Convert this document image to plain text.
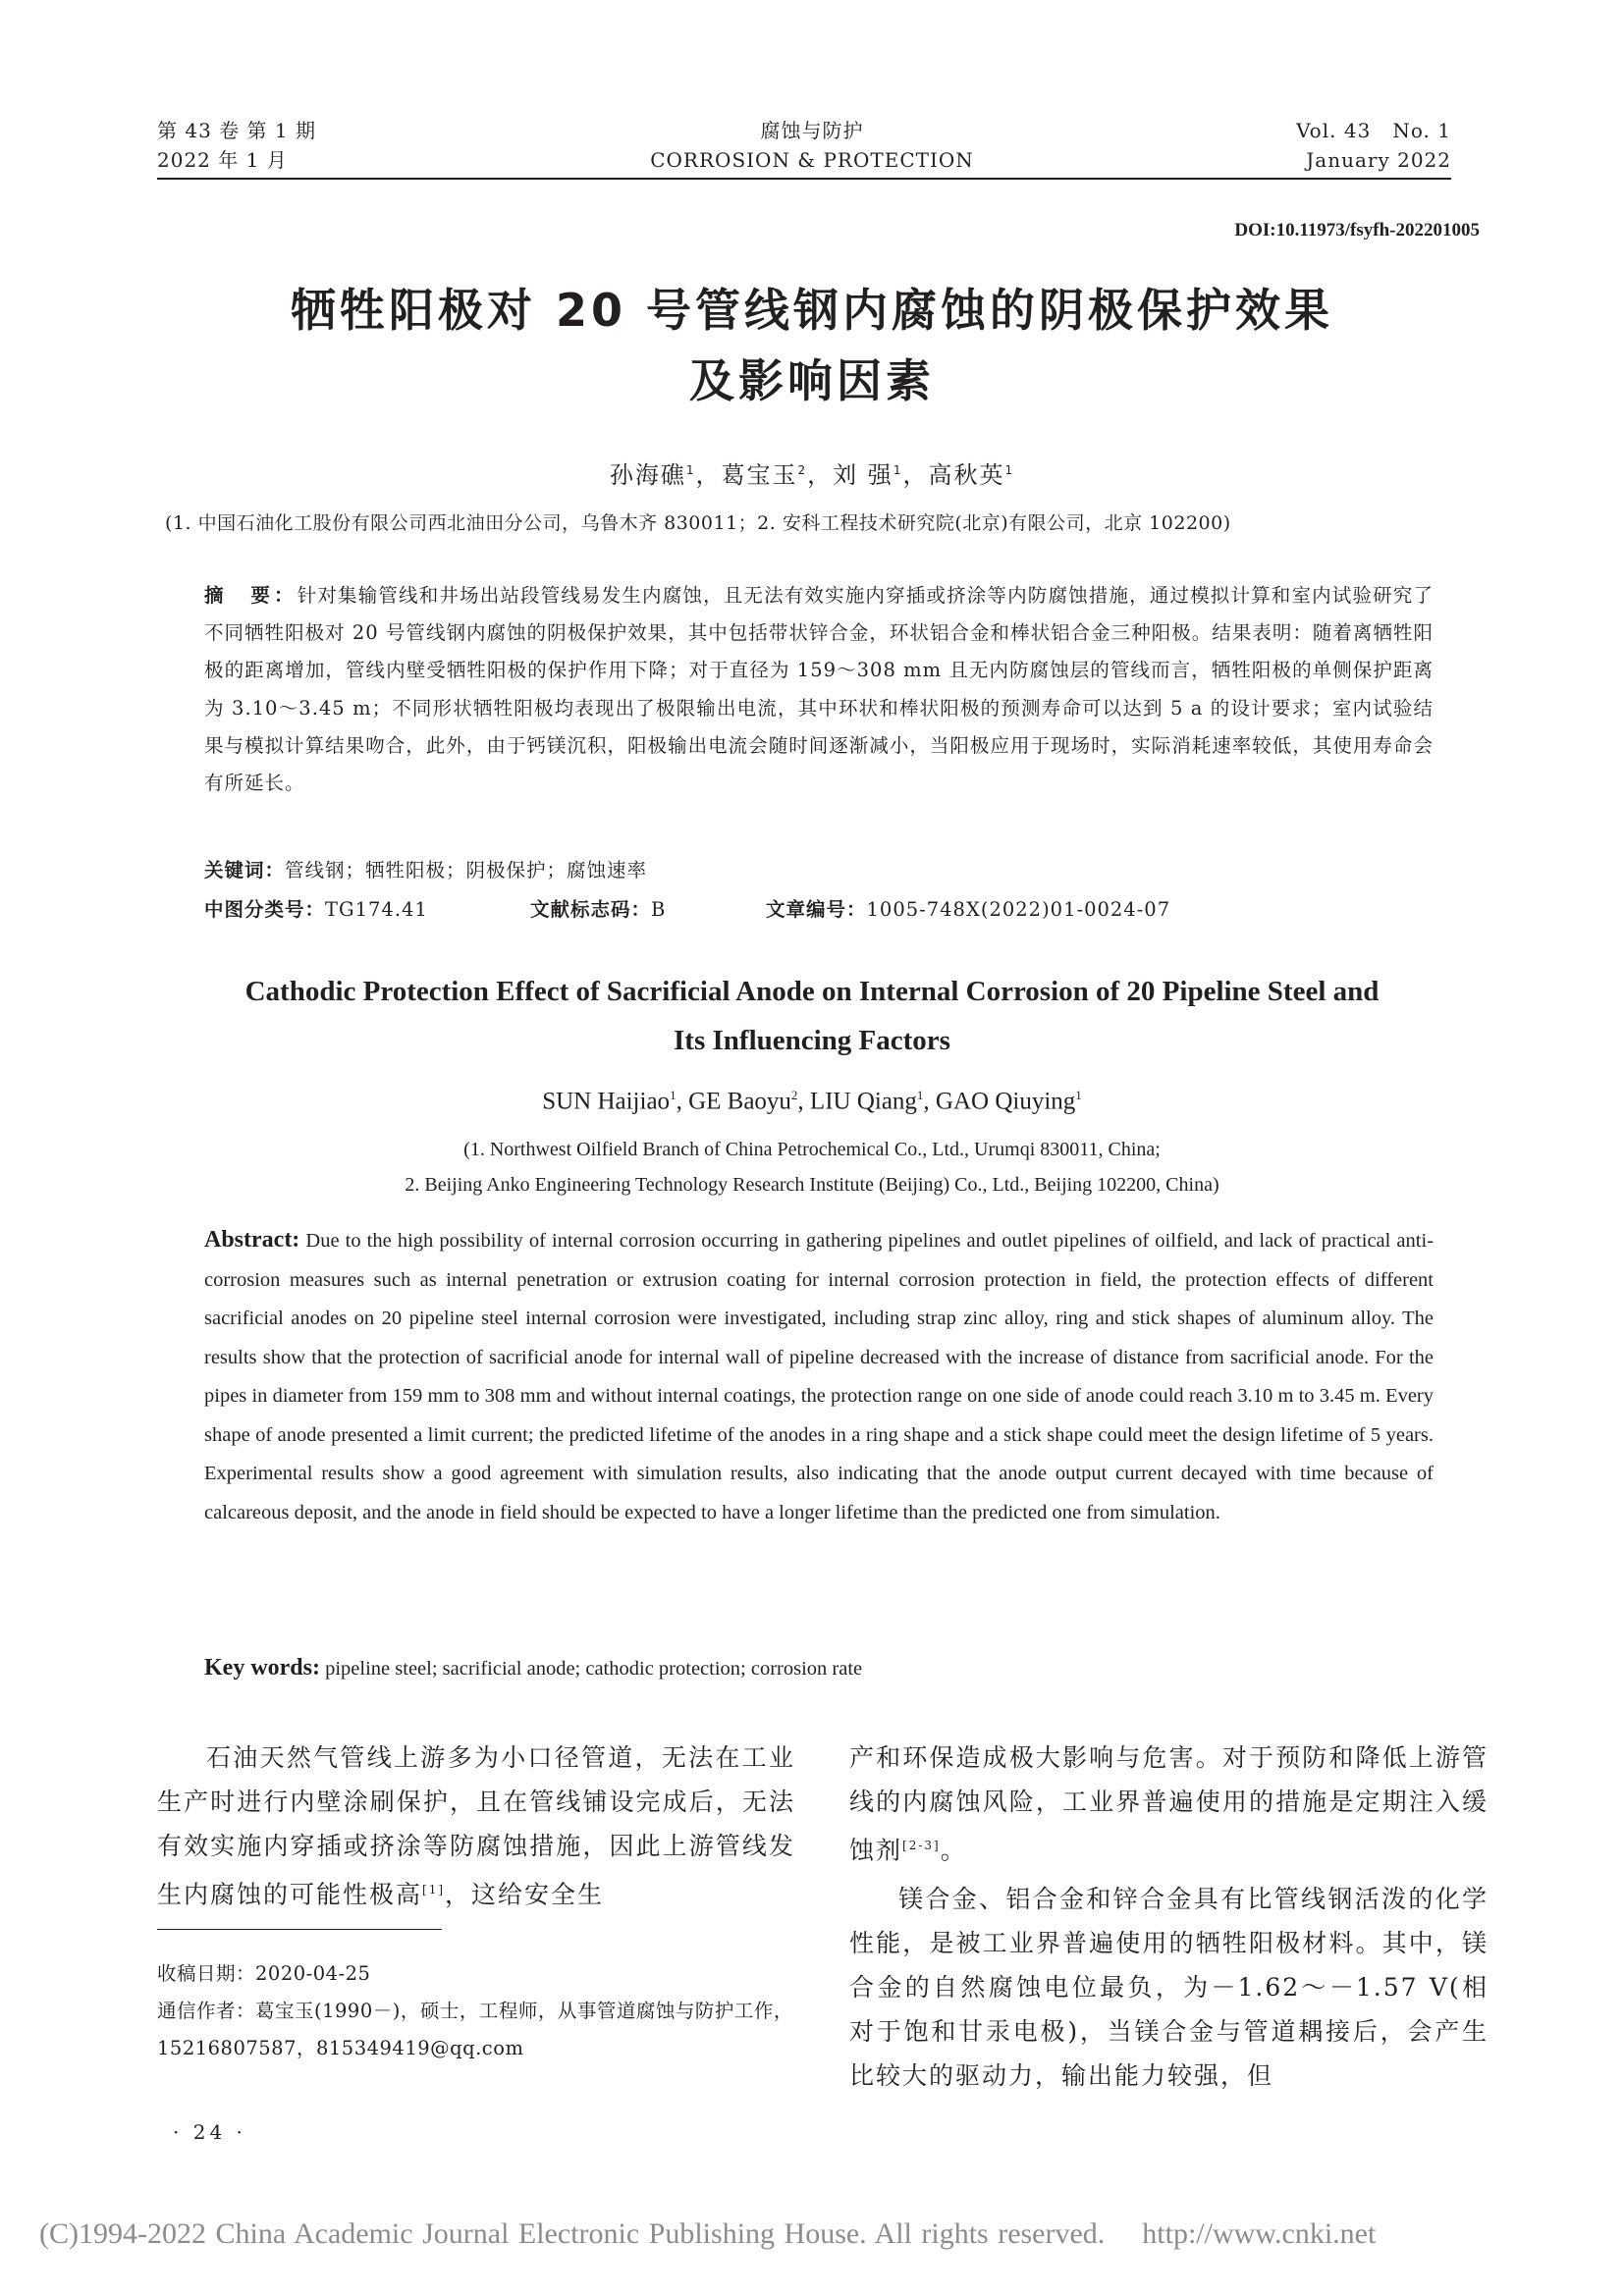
第 43 卷 第 1 期
2022 年 1 月
腐蚀与防护
CORROSION & PROTECTION
Vol. 43   No. 1
January 2022
DOI:10.11973/fsyfh-202201005
牺牲阳极对 20 号管线钢内腐蚀的阴极保护效果
及影响因素
孙海礁$^1$，葛宝玉$^2$，刘 强$^1$，高秋英$^1$
(1. 中国石油化工股份有限公司西北油田分公司，乌鲁木齐 830011；2. 安科工程技术研究院(北京)有限公司，北京 102200)
摘　要：针对集输管线和井场出站段管线易发生内腐蚀，且无法有效实施内穿插或挤涂等内防腐蚀措施，通过模拟计算和室内试验研究了不同牺牲阳极对 20 号管线钢内腐蚀的阴极保护效果，其中包括带状锌合金，环状铝合金和棒状铝合金三种阳极。结果表明：随着离牺牲阳极的距离增加，管线内壁受牺牲阳极的保护作用下降；对于直径为 159～308 mm 且无内防腐蚀层的管线而言，牺牲阳极的单侧保护距离为 3.10～3.45 m；不同形状牺牲阳极均表现出了极限输出电流，其中环状和棒状阳极的预测寿命可以达到 5 a 的设计要求；室内试验结果与模拟计算结果吻合，此外，由于钙镁沉积，阳极输出电流会随时间逐渐减小，当阳极应用于现场时，实际消耗速率较低，其使用寿命会有所延长。
关键词：管线钢；牺牲阳极；阴极保护；腐蚀速率
中图分类号：TG174.41	文献标志码：B	文章编号：1005-748X(2022)01-0024-07
Cathodic Protection Effect of Sacrificial Anode on Internal Corrosion of 20 Pipeline Steel and
Its Influencing Factors
SUN Haijiao$^1$, GE Baoyu$^2$, LIU Qiang$^1$, GAO Qiuying$^1$
(1. Northwest Oilfield Branch of China Petrochemical Co., Ltd., Urumqi 830011, China;
2. Beijing Anko Engineering Technology Research Institute (Beijing) Co., Ltd., Beijing 102200, China)
Abstract: Due to the high possibility of internal corrosion occurring in gathering pipelines and outlet pipelines of oilfield, and lack of practical anti-corrosion measures such as internal penetration or extrusion coating for internal corrosion protection in field, the protection effects of different sacrificial anodes on 20 pipeline steel internal corrosion were investigated, including strap zinc alloy, ring and stick shapes of aluminum alloy. The results show that the protection of sacrificial anode for internal wall of pipeline decreased with the increase of distance from sacrificial anode. For the pipes in diameter from 159 mm to 308 mm and without internal coatings, the protection range on one side of anode could reach 3.10 m to 3.45 m. Every shape of anode presented a limit current; the predicted lifetime of the anodes in a ring shape and a stick shape could meet the design lifetime of 5 years. Experimental results show a good agreement with simulation results, also indicating that the anode output current decayed with time because of calcareous deposit, and the anode in field should be expected to have a longer lifetime than the predicted one from simulation.
Key words: pipeline steel; sacrificial anode; cathodic protection; corrosion rate

石油天然气管线上游多为小口径管道，无法在工业生产时进行内壁涂刷保护，且在管线铺设完成后，无法有效实施内穿插或挤涂等防腐蚀措施，因此上游管线发生内腐蚀的可能性极高[1]，这给安全生

产和环保造成极大影响与危害。对于预防和降低上游管线的内腐蚀风险，工业界普遍使用的措施是定期注入缓蚀剂[2-3]。

镁合金、铝合金和锌合金具有比管线钢活泼的化学性能，是被工业界普遍使用的牺牲阳极材料。其中，镁合金的自然腐蚀电位最负，为－1.62～－1.57 V(相对于饱和甘汞电极)，当镁合金与管道耦接后，会产生比较大的驱动力，输出能力较强，但

收稿日期：2020-04-25
通信作者：葛宝玉(1990－)，硕士，工程师，从事管道腐蚀与防护工作，15216807587，815349419@qq.com
· 24 ·
(C)1994-2022 China Academic Journal Electronic Publishing House. All rights reserved.    http://www.cnki.net
